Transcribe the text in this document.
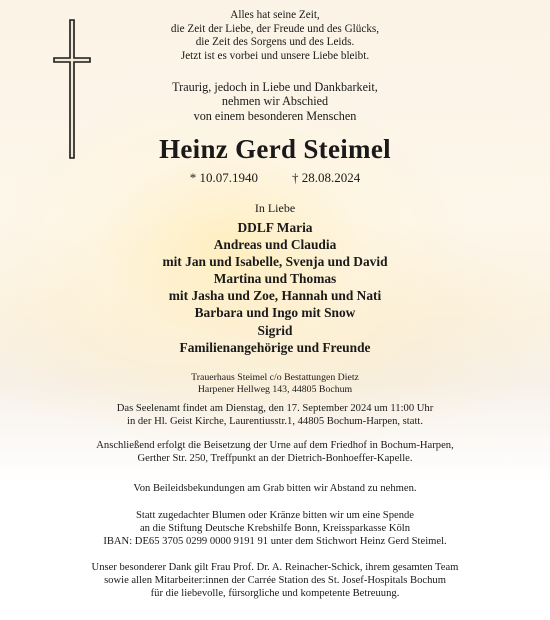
Alles hat seine Zeit,
die Zeit der Liebe, der Freude und des Glücks,
die Zeit des Sorgens und des Leids.
Jetzt ist es vorbei und unsere Liebe bleibt.
Traurig, jedoch in Liebe und Dankbarkeit,
nehmen wir Abschied
von einem besonderen Menschen
Heinz Gerd Steimel
* 10.07.1940	† 28.08.2024
In Liebe
DDLF Maria
Andreas und Claudia
mit Jan und Isabelle, Svenja und David
Martina und Thomas
mit Jasha und Zoe, Hannah und Nati
Barbara und Ingo mit Snow
Sigrid
Familienangehörige und Freunde
Trauerhaus Steimel c/o Bestattungen Dietz
Harpener Hellweg 143, 44805 Bochum
Das Seelenamt findet am Dienstag, den 17. September 2024 um 11:00 Uhr
in der Hl. Geist Kirche, Laurentiusstr.1, 44805 Bochum-Harpen, statt.
Anschließend erfolgt die Beisetzung der Urne auf dem Friedhof in Bochum-Harpen,
Gerther Str. 250, Treffpunkt an der Dietrich-Bonhoeffer-Kapelle.
Von Beileidsbekundungen am Grab bitten wir Abstand zu nehmen.
Statt zugedachter Blumen oder Kränze bitten wir um eine Spende
an die Stiftung Deutsche Krebshilfe Bonn, Kreissparkasse Köln
IBAN: DE65 3705 0299 0000 9191 91 unter dem Stichwort Heinz Gerd Steimel.
Unser besonderer Dank gilt Frau Prof. Dr. A. Reinacher-Schick, ihrem gesamten Team
sowie allen Mitarbeiter:innen der Carrée Station des St. Josef-Hospitals Bochum
für die liebevolle, fürsorgliche und kompetente Betreuung.
